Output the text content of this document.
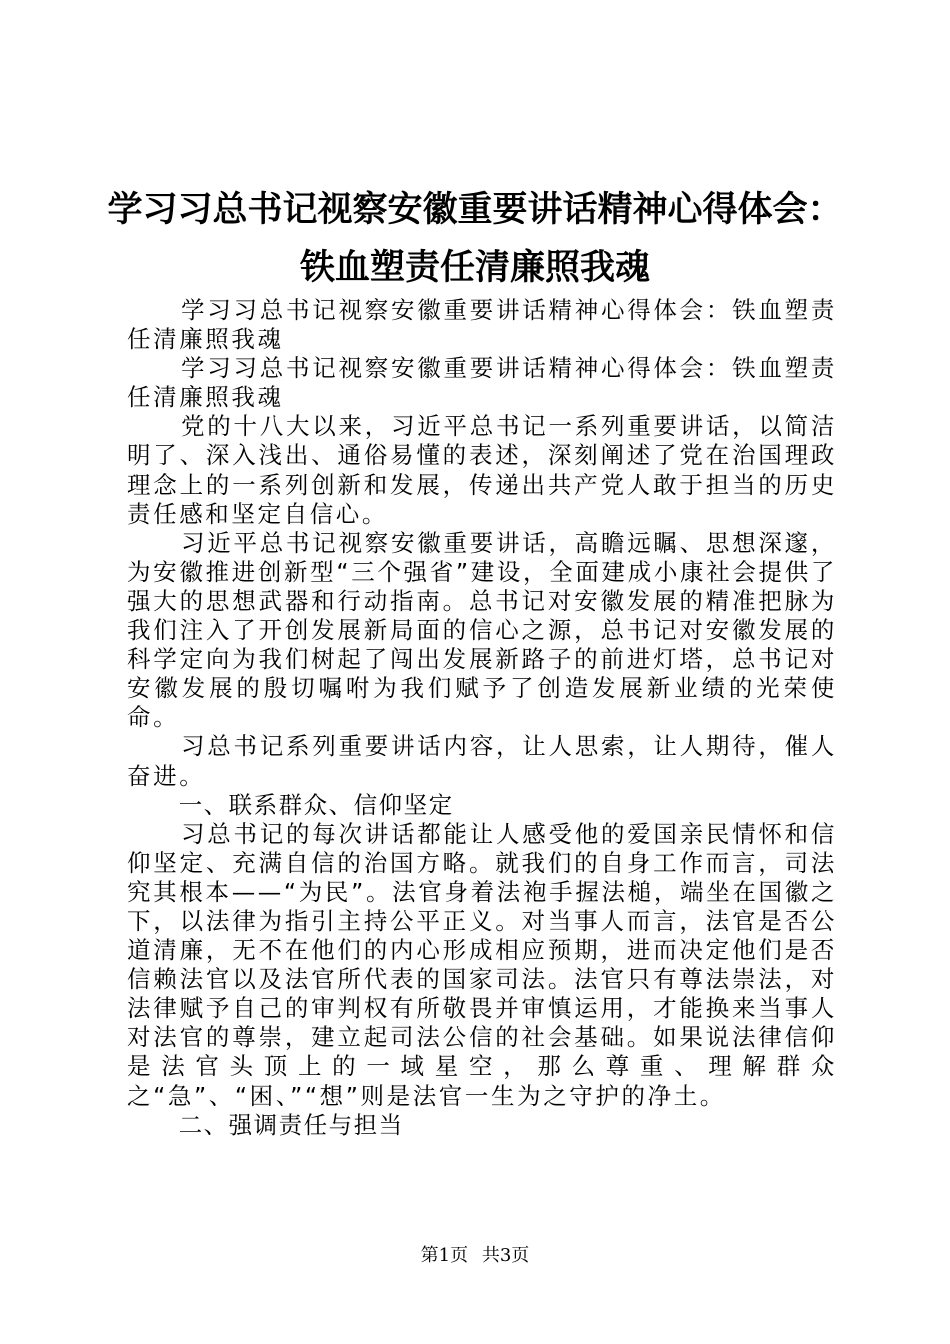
学习习总书记视察安徽重要讲话精神心得体会：
铁血塑责任清廉照我魂

学习习总书记视察安徽重要讲话精神心得体会：铁血塑责任清廉照我魂

学习习总书记视察安徽重要讲话精神心得体会：铁血塑责任清廉照我魂

党的十八大以来，习近平总书记一系列重要讲话，以简洁明了、深入浅出、通俗易懂的表述，深刻阐述了党在治国理政理念上的一系列创新和发展，传递出共产党人敢于担当的历史责任感和坚定自信心。

习近平总书记视察安徽重要讲话，高瞻远瞩、思想深邃，为安徽推进创新型“三个强省”建设，全面建成小康社会提供了强大的思想武器和行动指南。总书记对安徽发展的精准把脉为我们注入了开创发展新局面的信心之源，总书记对安徽发展的科学定向为我们树起了闯出发展新路子的前进灯塔，总书记对安徽发展的殷切嘱咐为我们赋予了创造发展新业绩的光荣使命。

习总书记系列重要讲话内容，让人思索，让人期待，催人奋进。

一、联系群众、信仰坚定

习总书记的每次讲话都能让人感受他的爱国亲民情怀和信仰坚定、充满自信的治国方略。就我们的自身工作而言，司法究其根本——“为民”。法官身着法袍手握法槌，端坐在国徽之下，以法律为指引主持公平正义。对当事人而言，法官是否公道清廉，无不在他们的内心形成相应预期，进而决定他们是否信赖法官以及法官所代表的国家司法。法官只有尊法崇法，对法律赋予自己的审判权有所敬畏并审慎运用，才能换来当事人对法官的尊崇，建立起司法公信的社会基础。如果说法律信仰是法官头顶上的一域星空，那么尊重、理解群众之“急”、“困、”“想”则是法官一生为之守护的净土。

二、强调责任与担当

第1页 共3页
